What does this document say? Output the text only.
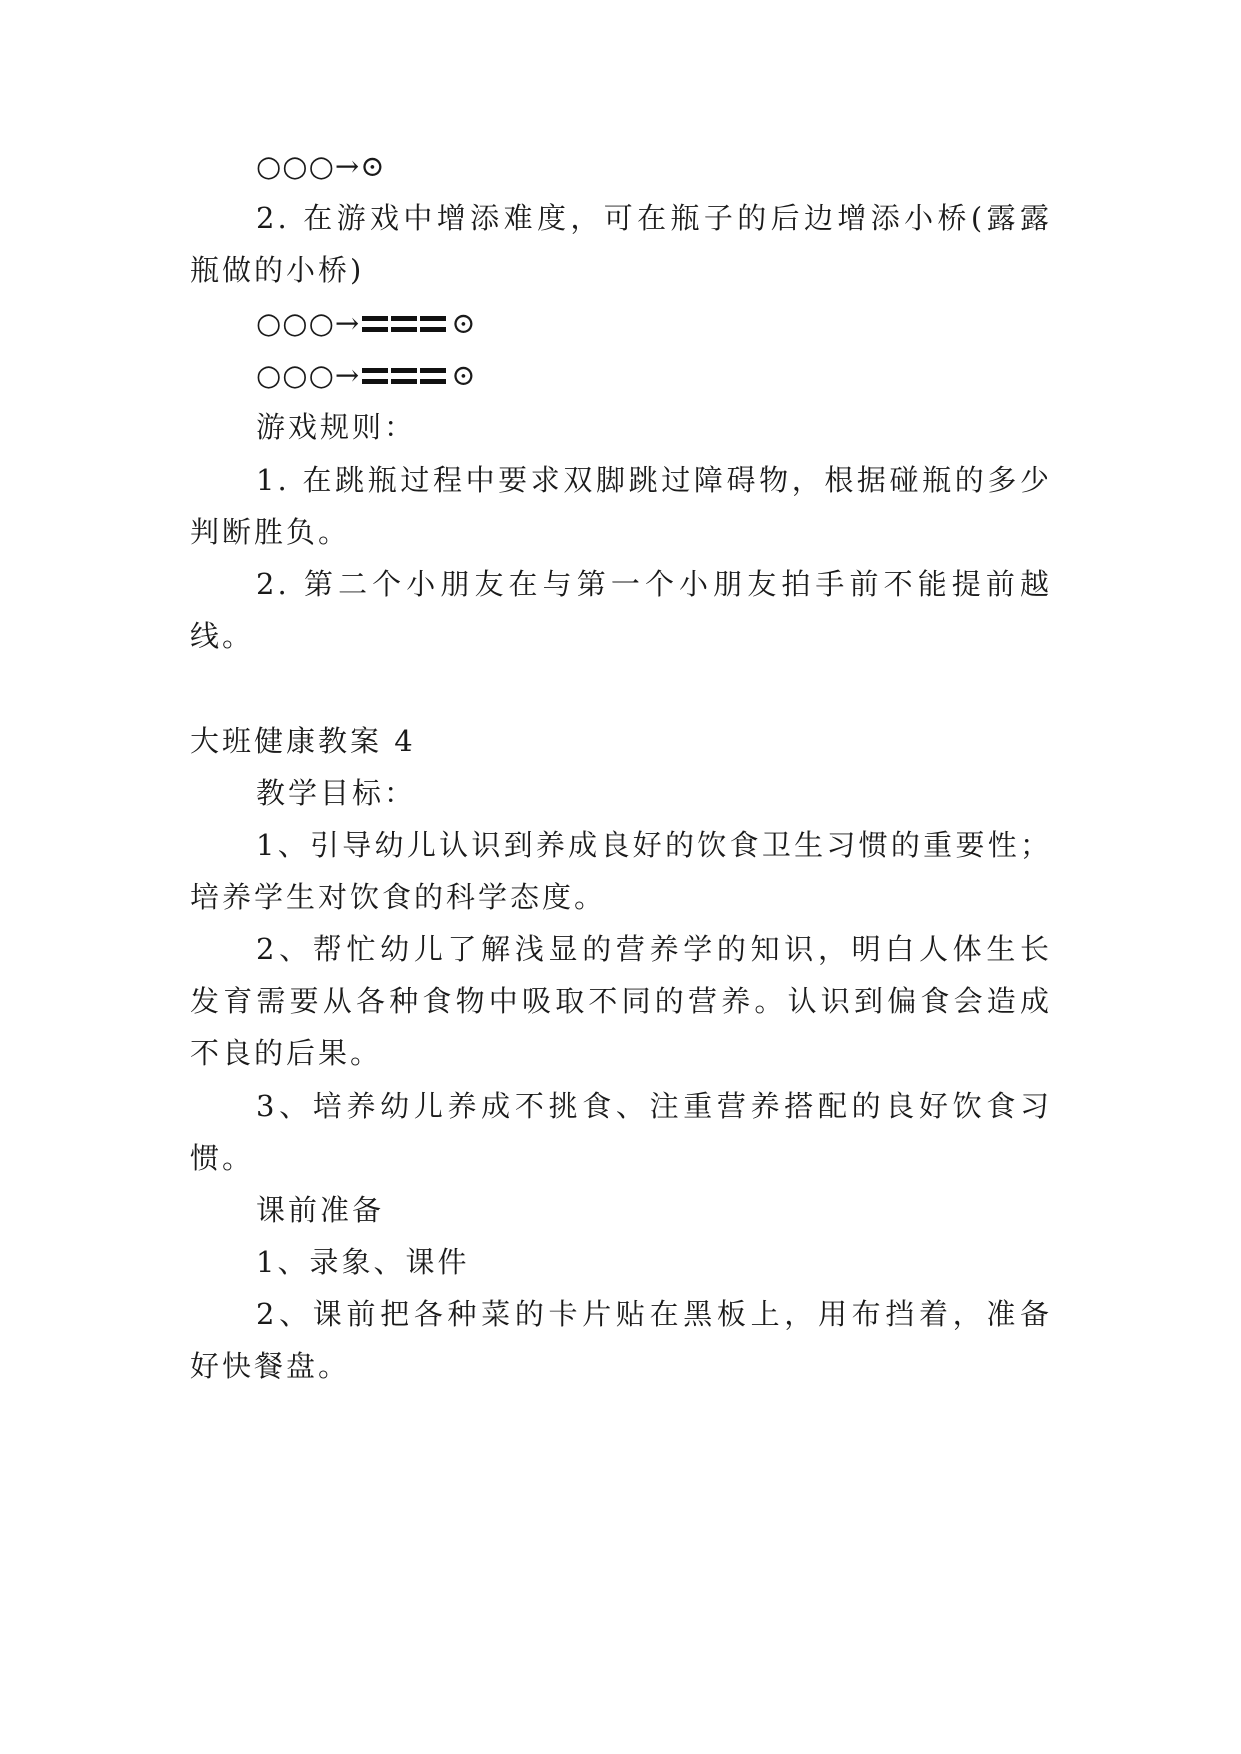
○○○→⊙
2. 在游戏中增添难度，可在瓶子的后边增添小桥(露露
瓶做的小桥)
○○○→	⊙
○○○→	⊙
游戏规则：
1. 在跳瓶过程中要求双脚跳过障碍物，根据碰瓶的多少
判断胜负。
2. 第二个小朋友在与第一个小朋友拍手前不能提前越
线。
大班健康教案 4
教学目标：
1、引导幼儿认识到养成良好的饮食卫生习惯的重要性；
培养学生对饮食的科学态度。
2、帮忙幼儿了解浅显的营养学的知识，明白人体生长
发育需要从各种食物中吸取不同的营养。认识到偏食会造成
不良的后果。
3、培养幼儿养成不挑食、注重营养搭配的良好饮食习
惯。
课前准备
1、录象、课件
2、课前把各种菜的卡片贴在黑板上，用布挡着，准备
好快餐盘。
